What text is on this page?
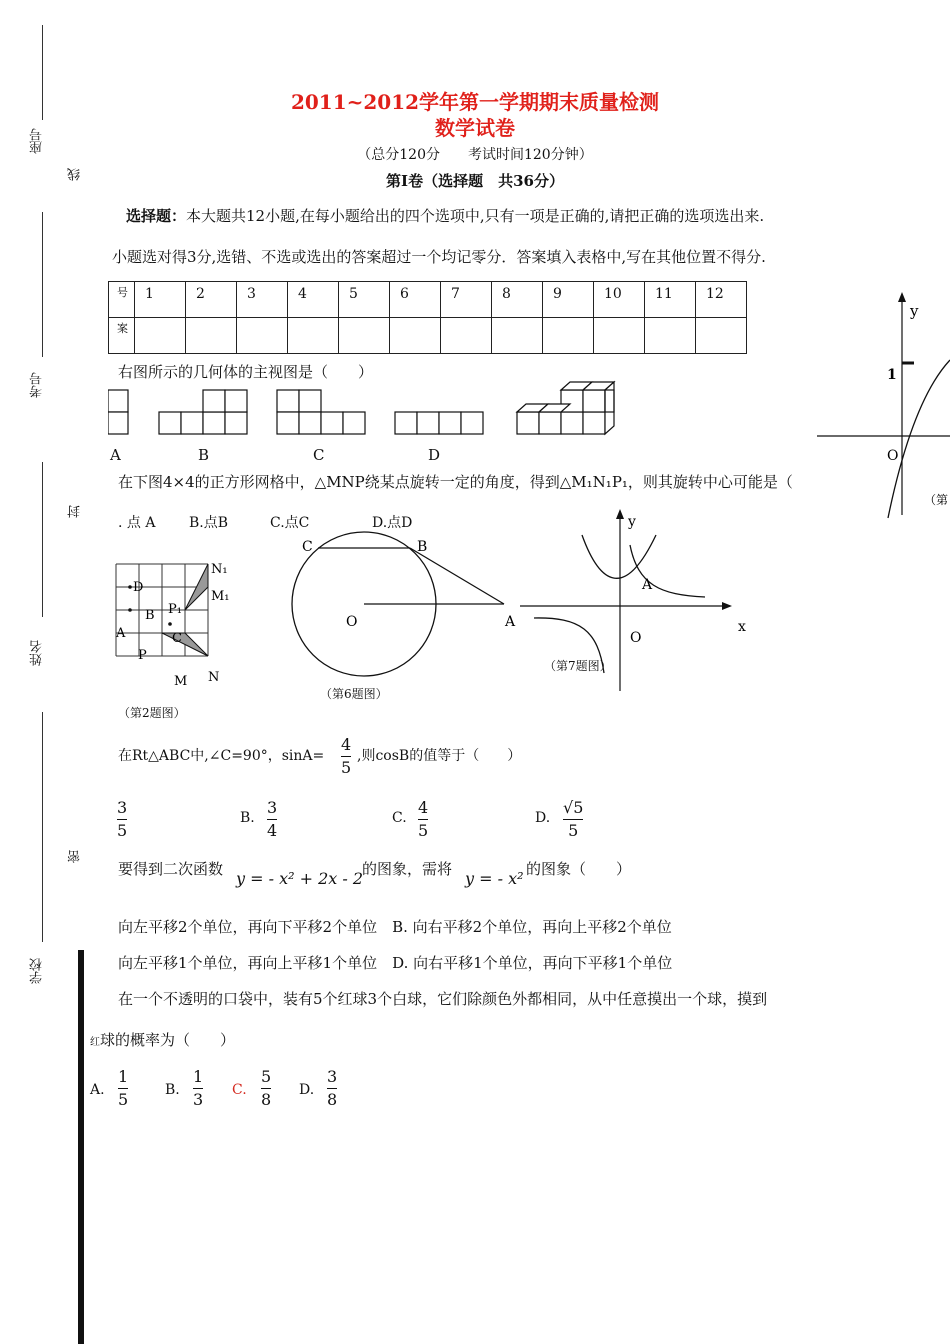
座号
线
考号
封
姓名
密
学校
2011~2012学年第一学期期末质量检测
数学试卷
（总分120分　　考试时间120分钟）
第Ⅰ卷（选择题　共36分）
选择题：本大题共12小题,在每小题给出的四个选项中,只有一项是正确的,请把正确的选项选出来.
小题选对得3分,选错、不选或选出的答案超过一个均记零分．答案填入表格中,写在其他位置不得分.
号	1	2	3	4	5	6	7	8	9	10	11	12
案												
y
1
O
（第
右图所示的几何体的主视图是（　　）
A	B	C	D
在下图4×4的正方形网格中，△MNP绕某点旋转一定的角度，得到△M₁N₁P₁，则其旋转中心可能是（
. 点 A B.点B	C.点C	D.点D
N₁
M₁
D
B P₁
A	C
P
M N
（第2题图）
C	B
O	A
（第6题图）
y
A
x
O
（第7题图）
在Rt△ABC中,∠C=90°，sinA=
4
5
,则cosB的值等于（　　）
3
5
B.
3
4
C.
4
5
D.
√5
5
要得到二次函数 y = - x² + 2x - 2
的图象，需将 y = - x² 的图象（　　）
向左平移2个单位，再向下平移2个单位　B. 向右平移2个单位，再向上平移2个单位
向左平移1个单位，再向上平移1个单位　D. 向右平移1个单位，再向下平移1个单位
在一个不透明的口袋中，装有5个红球3个白球，它们除颜色外都相同，从中任意摸出一个球，摸到
红球的概率为（　　）
A.
1
5	B.
1
3 C.
5
8 D.
3
8
